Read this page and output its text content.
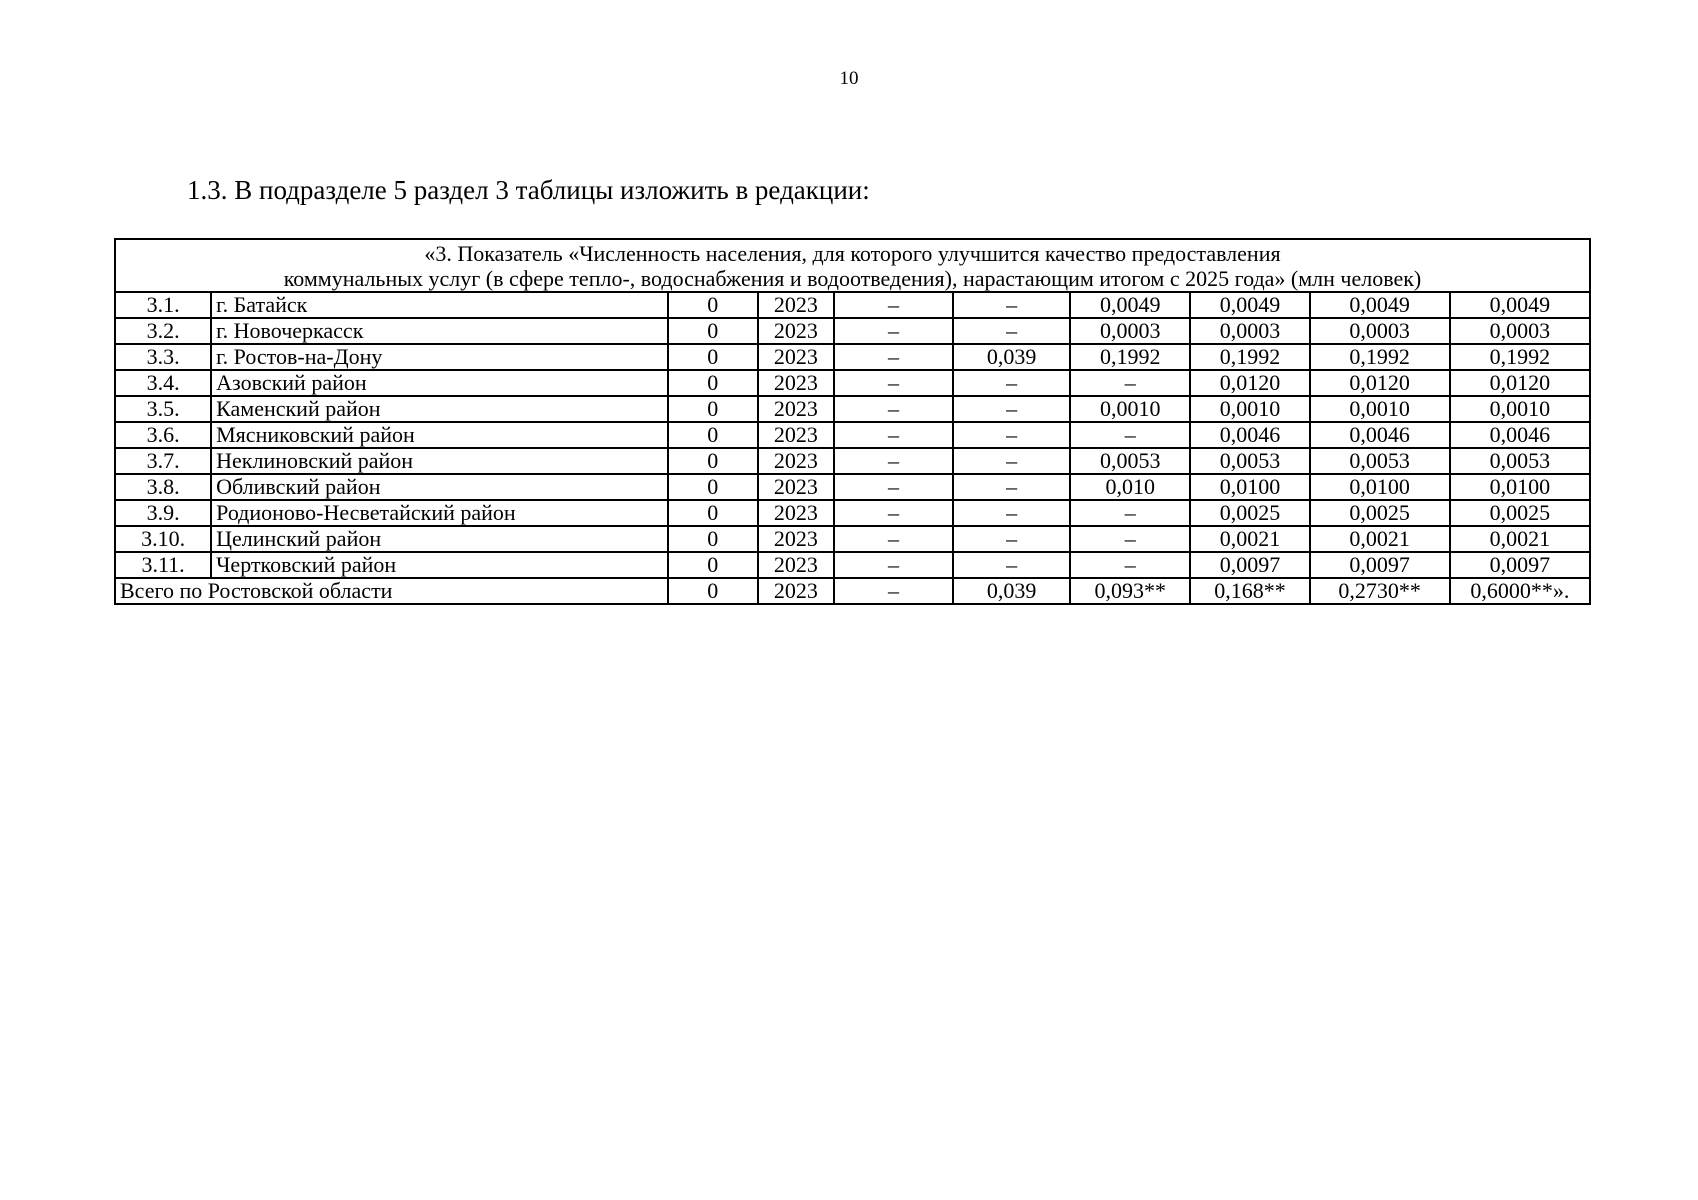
10
1.3. В подразделе 5 раздел 3 таблицы изложить в редакции:
«3. Показатель «Численность населения, для которого улучшится качество предоставления
коммунальных услуг (в сфере тепло-, водоснабжения и водоотведения), нарастающим итогом с 2025 года» (млн человек)									

3.1.	г. Батайск	0	2023	–	–	0,0049	0,0049	0,0049	0,0049
3.2.	г. Новочеркасск	0	2023	–	–	0,0003	0,0003	0,0003	0,0003
3.3.	г. Ростов-на-Дону	0	2023	–	0,039	0,1992	0,1992	0,1992	0,1992
3.4.	Азовский район	0	2023	–	–	–	0,0120	0,0120	0,0120
3.5.	Каменский район	0	2023	–	–	0,0010	0,0010	0,0010	0,0010
3.6.	Мясниковский район	0	2023	–	–	–	0,0046	0,0046	0,0046
3.7.	Неклиновский район	0	2023	–	–	0,0053	0,0053	0,0053	0,0053
3.8.	Обливский район	0	2023	–	–	0,010	0,0100	0,0100	0,0100
3.9.	Родионово-Несветайский район	0	2023	–	–	–	0,0025	0,0025	0,0025
3.10.	Целинский район	0	2023	–	–	–	0,0021	0,0021	0,0021
3.11.	Чертковский район	0	2023	–	–	–	0,0097	0,0097	0,0097
Всего по Ростовской области		0	2023	–	0,039	0,093**	0,168**	0,2730**	0,6000**».
